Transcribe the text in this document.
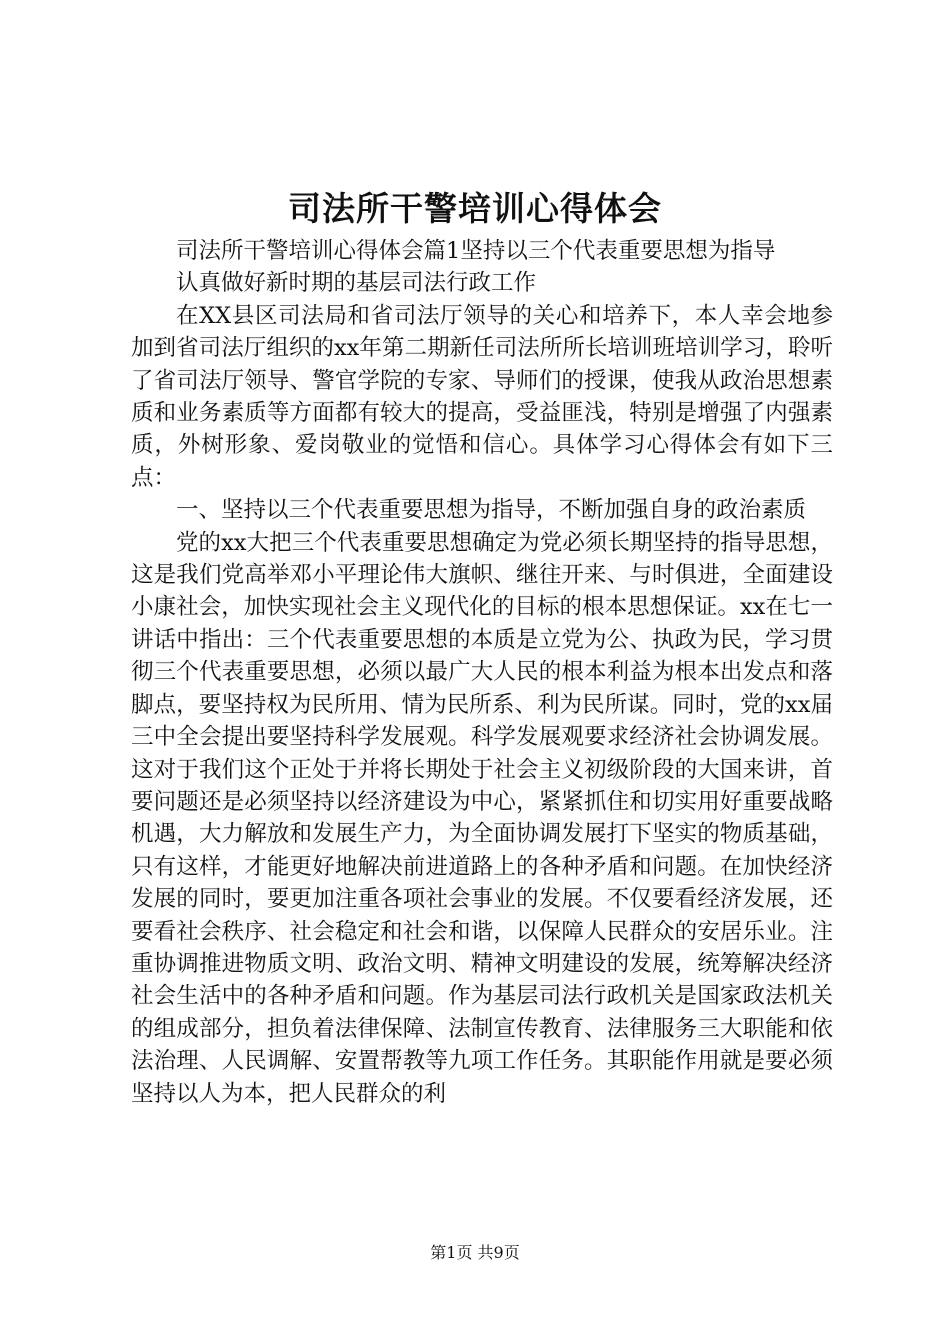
司法所干警培训心得体会

司法所干警培训心得体会篇1坚持以三个代表重要思想为指导

认真做好新时期的基层司法行政工作

在XX县区司法局和省司法厅领导的关心和培养下，本人幸会地参加到省司法厅组织的xx年第二期新任司法所所长培训班培训学习，聆听了省司法厅领导、警官学院的专家、导师们的授课，使我从政治思想素质和业务素质等方面都有较大的提高，受益匪浅，特别是增强了内强素质，外树形象、爱岗敬业的觉悟和信心。具体学习心得体会有如下三点：

一、坚持以三个代表重要思想为指导，不断加强自身的政治素质

党的xx大把三个代表重要思想确定为党必须长期坚持的指导思想，这是我们党高举邓小平理论伟大旗帜、继往开来、与时俱进，全面建设小康社会，加快实现社会主义现代化的目标的根本思想保证。xx在七一讲话中指出：三个代表重要思想的本质是立党为公、执政为民，学习贯彻三个代表重要思想，必须以最广大人民的根本利益为根本出发点和落脚点，要坚持权为民所用、情为民所系、利为民所谋。同时，党的xx届三中全会提出要坚持科学发展观。科学发展观要求经济社会协调发展。这对于我们这个正处于并将长期处于社会主义初级阶段的大国来讲，首要问题还是必须坚持以经济建设为中心，紧紧抓住和切实用好重要战略机遇，大力解放和发展生产力，为全面协调发展打下坚实的物质基础，只有这样，才能更好地解决前进道路上的各种矛盾和问题。在加快经济发展的同时，要更加注重各项社会事业的发展。不仅要看经济发展，还要看社会秩序、社会稳定和社会和谐，以保障人民群众的安居乐业。注重协调推进物质文明、政治文明、精神文明建设的发展，统筹解决经济社会生活中的各种矛盾和问题。作为基层司法行政机关是国家政法机关的组成部分，担负着法律保障、法制宣传教育、法律服务三大职能和依法治理、人民调解、安置帮教等九项工作任务。其职能作用就是要必须坚持以人为本，把人民群众的利

第1页 共9页
